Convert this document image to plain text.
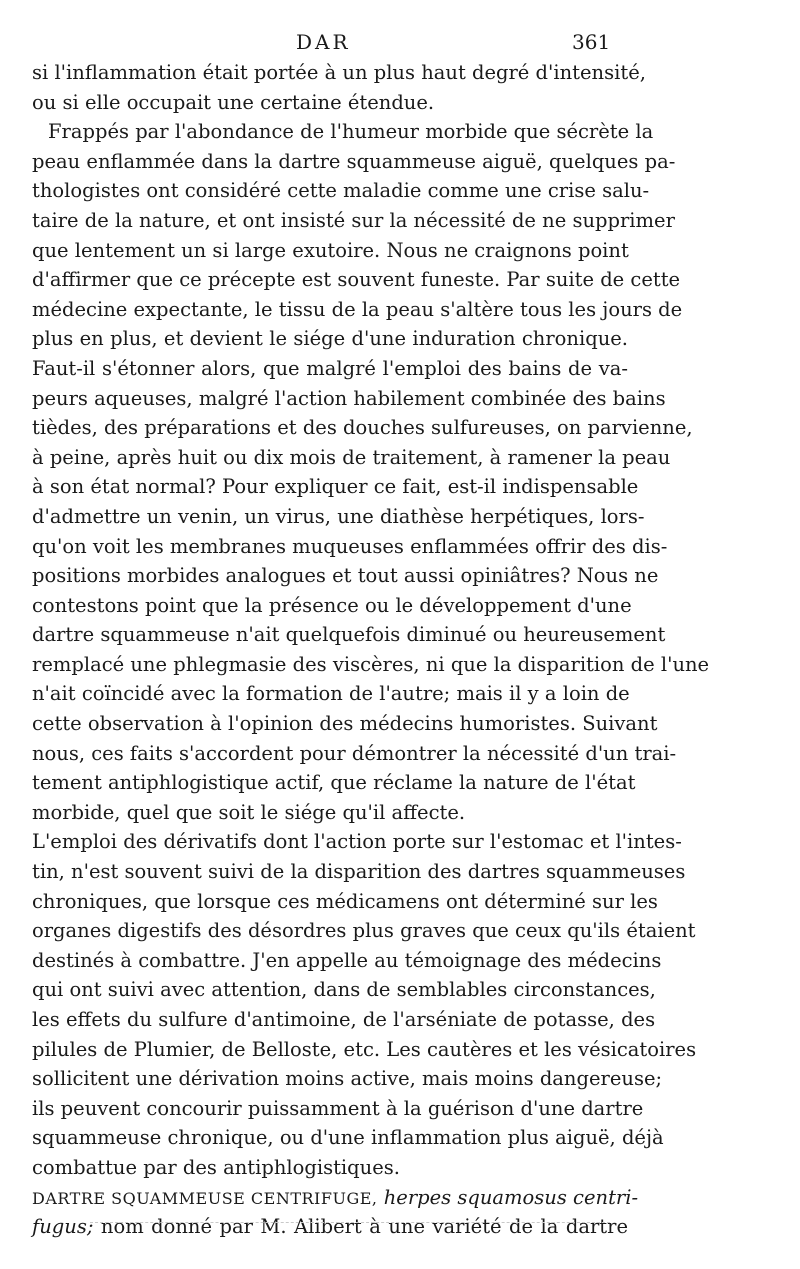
DAR	361
si l'inflammation était portée à un plus haut degré d'intensité,
ou si elle occupait une certaine étendue.
Frappés par l'abondance de l'humeur morbide que sécrète la
peau enflammée dans la dartre squammeuse aiguë, quelques pa-
thologistes ont considéré cette maladie comme une crise salu-
taire de la nature, et ont insisté sur la nécessité de ne supprimer
que lentement un si large exutoire. Nous ne craignons point
d'affirmer que ce précepte est souvent funeste. Par suite de cette
médecine expectante, le tissu de la peau s'altère tous les jours de
plus en plus, et devient le siége d'une induration chronique.
Faut-il s'étonner alors, que malgré l'emploi des bains de va-
peurs aqueuses, malgré l'action habilement combinée des bains
tièdes, des préparations et des douches sulfureuses, on parvienne,
à peine, après huit ou dix mois de traitement, à ramener la peau
à son état normal? Pour expliquer ce fait, est-il indispensable
d'admettre un venin, un virus, une diathèse herpétiques, lors-
qu'on voit les membranes muqueuses enflammées offrir des dis-
positions morbides analogues et tout aussi opiniâtres? Nous ne
contestons point que la présence ou le développement d'une
dartre squammeuse n'ait quelquefois diminué ou heureusement
remplacé une phlegmasie des viscères, ni que la disparition de l'une
n'ait coïncidé avec la formation de l'autre; mais il y a loin de
cette observation à l'opinion des médecins humoristes. Suivant
nous, ces faits s'accordent pour démontrer la nécessité d'un trai-
tement antiphlogistique actif, que réclame la nature de l'état
morbide, quel que soit le siége qu'il affecte.
L'emploi des dérivatifs dont l'action porte sur l'estomac et l'intes-
tin, n'est souvent suivi de la disparition des dartres squammeuses
chroniques, que lorsque ces médicamens ont déterminé sur les
organes digestifs des désordres plus graves que ceux qu'ils étaient
destinés à combattre. J'en appelle au témoignage des médecins
qui ont suivi avec attention, dans de semblables circonstances,
les effets du sulfure d'antimoine, de l'arséniate de potasse, des
pilules de Plumier, de Belloste, etc. Les cautères et les vésicatoires
sollicitent une dérivation moins active, mais moins dangereuse;
ils peuvent concourir puissamment à la guérison d'une dartre
squammeuse chronique, ou d'une inflammation plus aiguë, déjà
combattue par des antiphlogistiques.
DARTRE SQUAMMEUSE CENTRIFUGE, herpes squamosus centri-
fugus; nom donné par M. Alibert à une variété de la dartre
